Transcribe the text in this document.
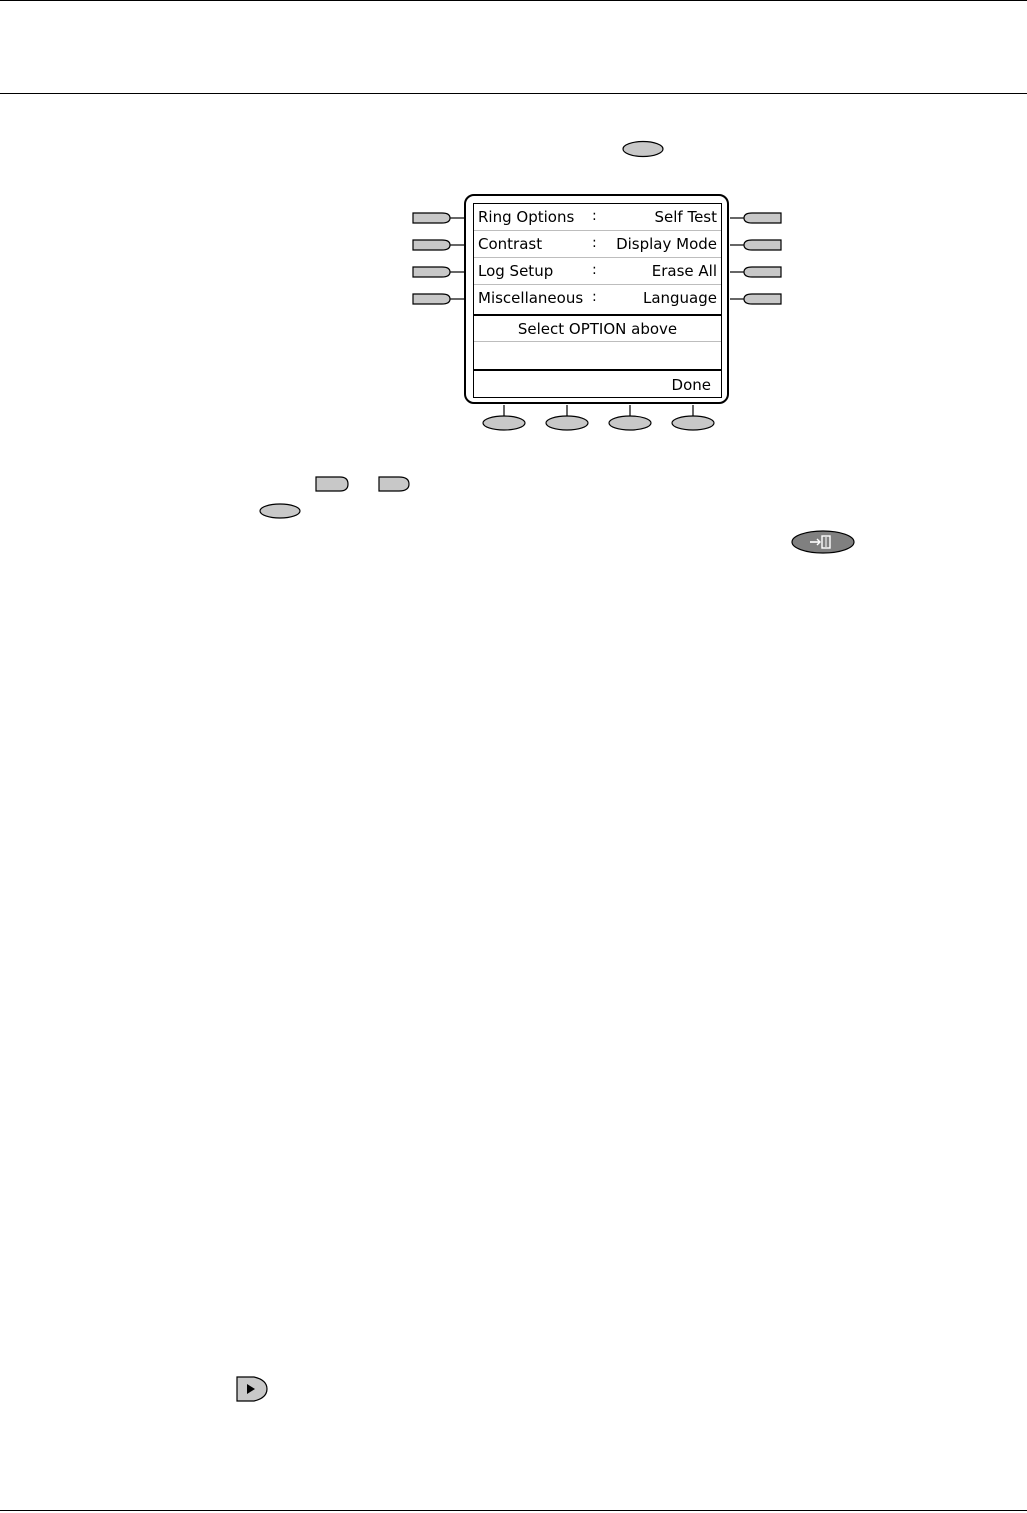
Ring Options :	Self Test
Contrast	: Display Mode
Log Setup	:	Erase All
Miscellaneous :	Language
Select OPTION above
Done
